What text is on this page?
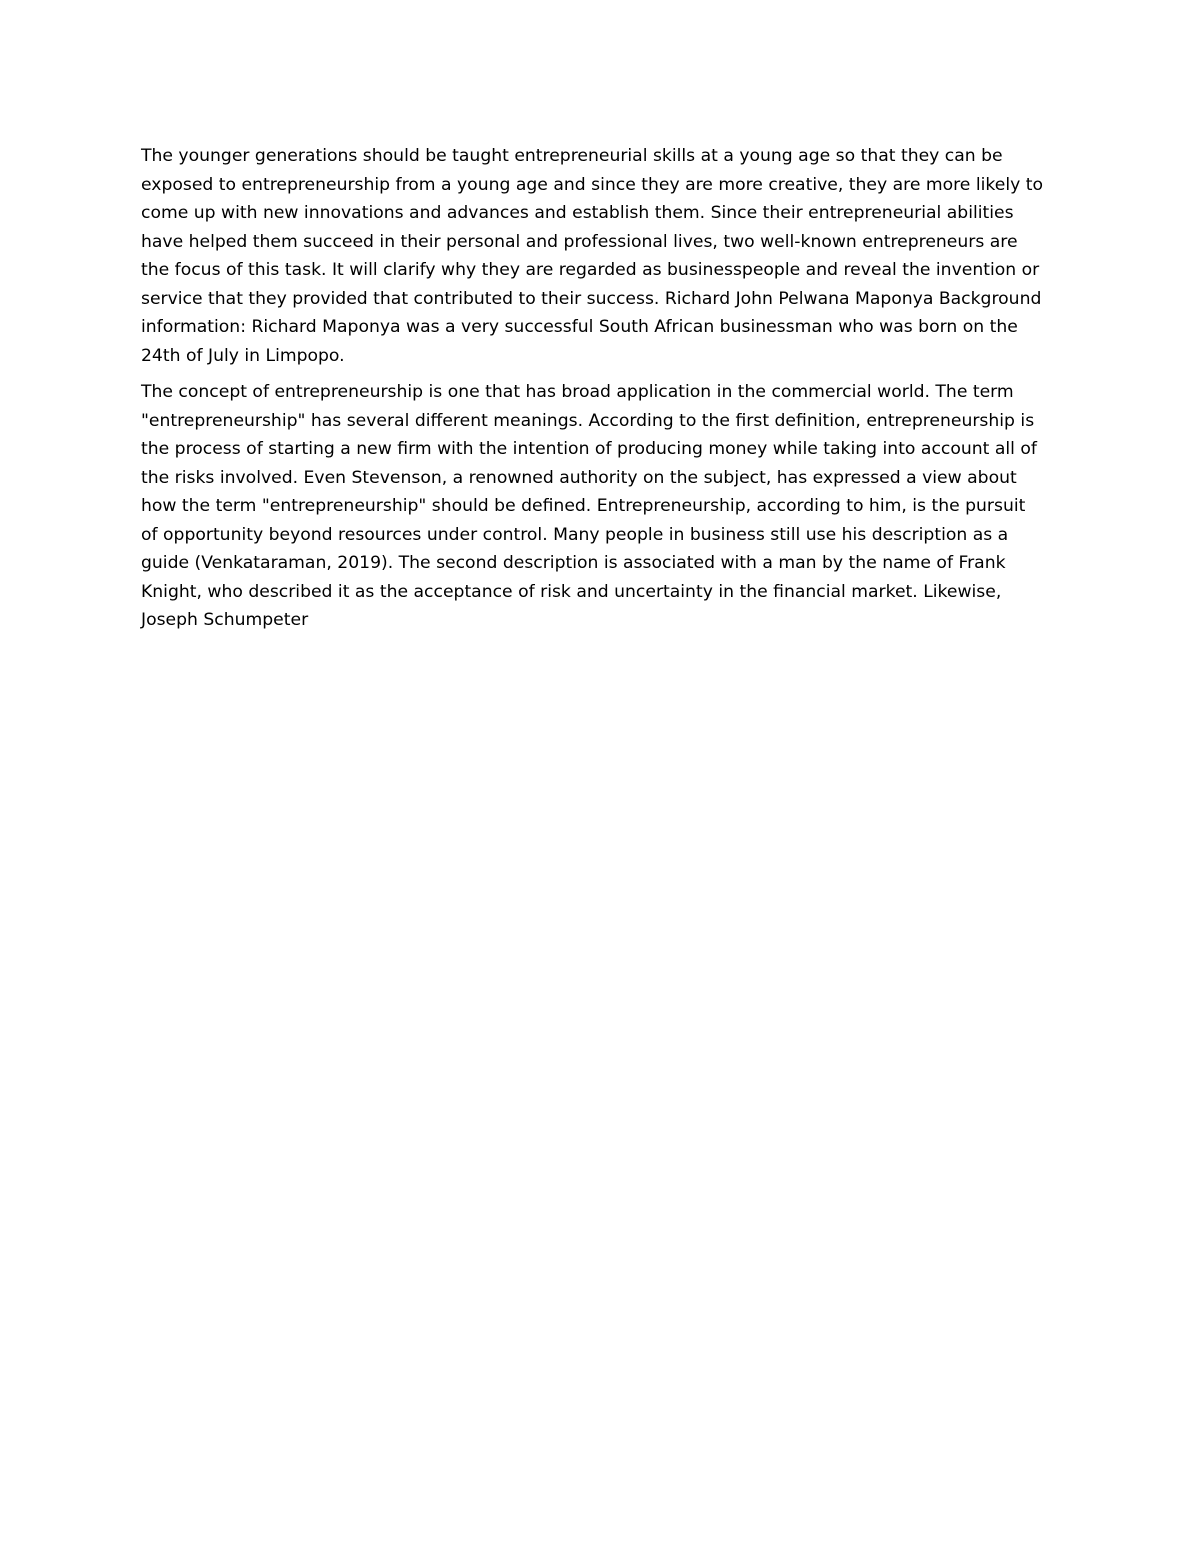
The younger generations should be taught entrepreneurial skills at a young age so that they can be
exposed to entrepreneurship from a young age and since they are more creative, they are more likely to
come up with new innovations and advances and establish them. Since their entrepreneurial abilities
have helped them succeed in their personal and professional lives, two well-known entrepreneurs are
the focus of this task. It will clarify why they are regarded as businesspeople and reveal the invention or
service that they provided that contributed to their success. Richard John Pelwana Maponya Background
information: Richard Maponya was a very successful South African businessman who was born on the
24th of July in Limpopo.

The concept of entrepreneurship is one that has broad application in the commercial world. The term
"entrepreneurship" has several different meanings. According to the first definition, entrepreneurship is
the process of starting a new firm with the intention of producing money while taking into account all of
the risks involved. Even Stevenson, a renowned authority on the subject, has expressed a view about
how the term "entrepreneurship" should be defined. Entrepreneurship, according to him, is the pursuit
of opportunity beyond resources under control. Many people in business still use his description as a
guide (Venkataraman, 2019). The second description is associated with a man by the name of Frank
Knight, who described it as the acceptance of risk and uncertainty in the financial market. Likewise,
Joseph Schumpeter
